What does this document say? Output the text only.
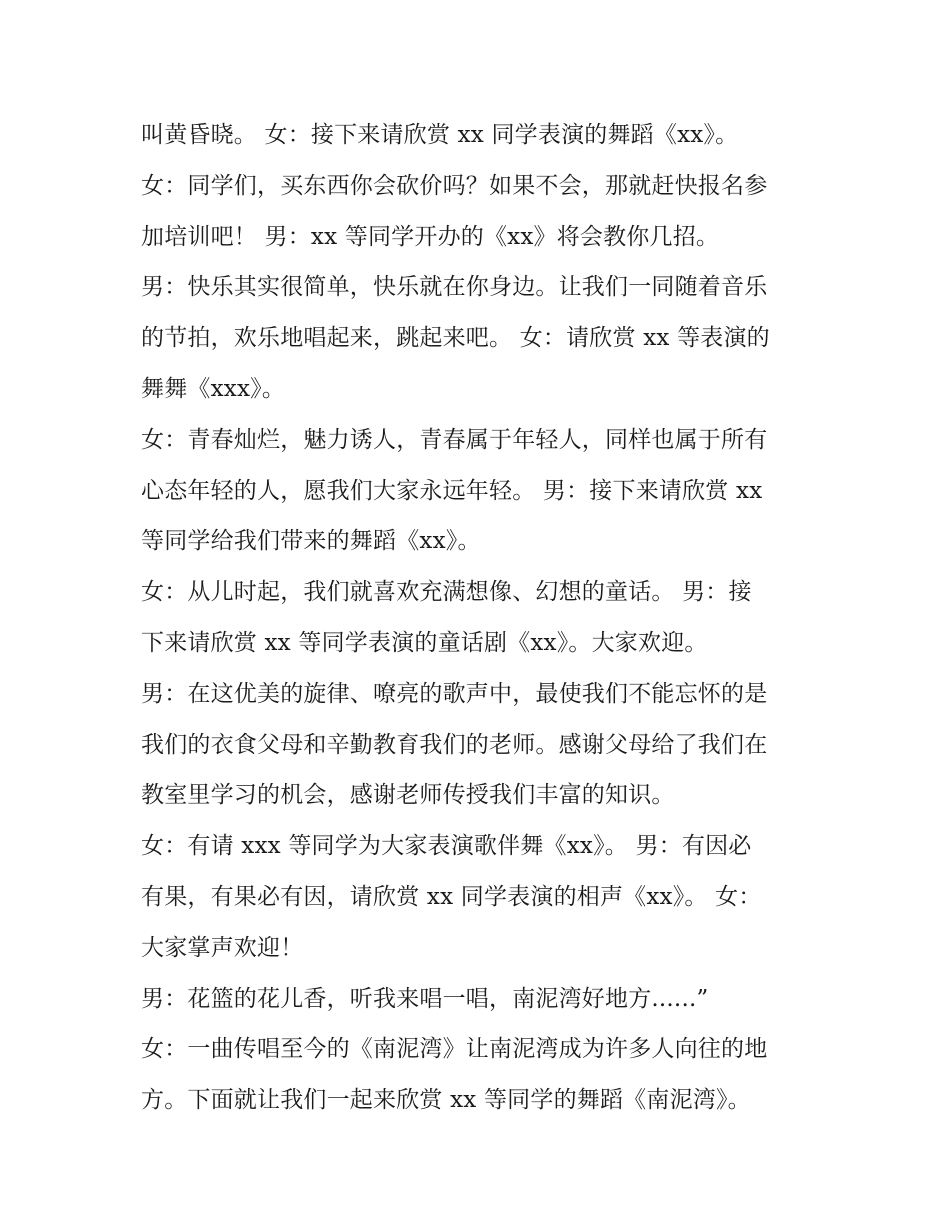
叫黄昏晓。 女：接下来请欣赏 xx 同学表演的舞蹈《xx》。
女：同学们，买东西你会砍价吗？如果不会，那就赶快报名参
加培训吧！ 男：xx 等同学开办的《xx》将会教你几招。
男：快乐其实很简单，快乐就在你身边。让我们一同随着音乐
的节拍，欢乐地唱起来，跳起来吧。 女：请欣赏 xx 等表演的
舞舞《xxx》。
女：青春灿烂，魅力诱人，青春属于年轻人，同样也属于所有
心态年轻的人，愿我们大家永远年轻。 男：接下来请欣赏 xx
等同学给我们带来的舞蹈《xx》。
女：从儿时起，我们就喜欢充满想像、幻想的童话。 男：接
下来请欣赏 xx 等同学表演的童话剧《xx》。大家欢迎。
男：在这优美的旋律、嘹亮的歌声中，最使我们不能忘怀的是
我们的衣食父母和辛勤教育我们的老师。感谢父母给了我们在
教室里学习的机会，感谢老师传授我们丰富的知识。
女：有请 xxx 等同学为大家表演歌伴舞《xx》。 男：有因必
有果，有果必有因，请欣赏 xx 同学表演的相声《xx》。 女：
大家掌声欢迎！
男：花篮的花儿香，听我来唱一唱，南泥湾好地方......”
女：一曲传唱至今的《南泥湾》让南泥湾成为许多人向往的地
方。下面就让我们一起来欣赏 xx 等同学的舞蹈《南泥湾》。
